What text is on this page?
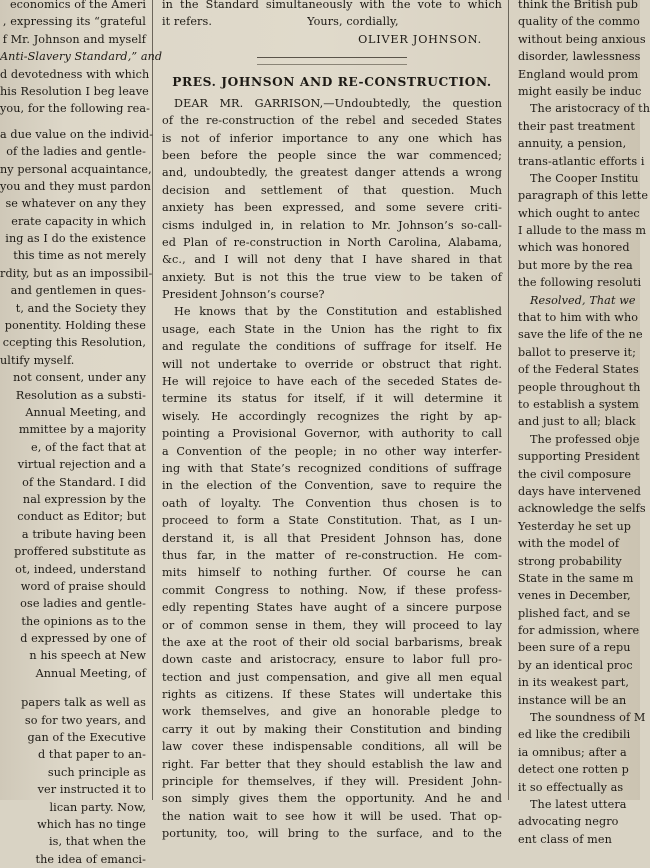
economics of the Ameri
, expressing its “grateful
f Mr. Johnson and myself
Anti-Slavery Standard,” and
d devotedness with which
his Resolution I beg leave
you, for the following rea-
a due value on the individ-
of the ladies and gentle-
ny personal acquaintance,
you and they must pardon
se whatever on any they
erate capacity in which
ing as I do the existence
this time as not merely
rdity, but as an impossibil-
and gentlemen in ques-
t, and the Society they
ponentity. Holding these
ccepting this Resolution,
ultify myself.
not consent, under any
Resolution as a substi-
Annual Meeting, and
mmittee by a majority
e, of the fact that at
virtual rejection and a
of the Standard. I did
nal expression by the
conduct as Editor; but
a tribute having been
proffered substitute as
ot, indeed, understand
word of praise should
ose ladies and gentle-
the opinions as to the
d expressed by one of
n his speech at New
Annual Meeting, of
papers talk as well as
so for two years, and
gan of the Executive
d that paper to an-
such principle as
ver instructed it to
lican party. Now,
which has no tinge
is, that when the
the idea of emanci-
in the Standard simultaneously with the vote to which
it refers.                          Yours, cordially,
OLIVER JOHNSON.
PRES. JOHNSON AND RE-CONSTRUCTION.
DEAR MR. GARRISON,—Undoubtedly, the question
of the re-construction of the rebel and seceded States
is not of inferior importance to any one which has
been before the people since the war commenced;
and, undoubtedly, the greatest danger attends a wrong
decision and settlement of that question. Much
anxiety has been expressed, and some severe criti-
cisms indulged in, in relation to Mr. Johnson’s so-call-
ed Plan of re-construction in North Carolina, Alabama,
&c., and I will not deny that I have shared in that
anxiety. But is not this the true view to be taken of
President Johnson’s course?
He knows that by the Constitution and established
usage, each State in the Union has the right to fix
and regulate the conditions of suffrage for itself. He
will not undertake to override or obstruct that right.
He will rejoice to have each of the seceded States de-
termine its status for itself, if it will determine it
wisely. He accordingly recognizes the right by ap-
pointing a Provisional Governor, with authority to call
a Convention of the people; in no other way interfer-
ing with that State’s recognized conditions of suffrage
in the election of the Convention, save to require the
oath of loyalty. The Convention thus chosen is to
proceed to form a State Constitution. That, as I un-
derstand it, is all that President Johnson has, done
thus far, in the matter of re-construction. He com-
mits himself to nothing further. Of course he can
commit Congress to nothing. Now, if these profess-
edly repenting States have aught of a sincere purpose
or of common sense in them, they will proceed to lay
the axe at the root of their old social barbarisms, break
down caste and aristocracy, ensure to labor full pro-
tection and just compensation, and give all men equal
rights as citizens. If these States will undertake this
work themselves, and give an honorable pledge to
carry it out by making their Constitution and binding
law cover these indispensable conditions, all will be
right. Far better that they should establish the law and
principle for themselves, if they will. President John-
son simply gives them the opportunity. And he and
the nation wait to see how it will be used. That op-
portunity, too, will bring to the surface, and to the
think the British pub
quality of the commo
without being anxious
disorder, lawlessness
England would prom
might easily be induc
The aristocracy of th
their past treatment
annuity, a pension,
trans-atlantic efforts i
The Cooper Institu
paragraph of this lette
which ought to antec
I allude to the mass m
which was honored
but more by the rea
the following resoluti
Resolved, That we
that to him with who
save the life of the ne
ballot to preserve it;
of the Federal States
people throughout th
to establish a system
and just to all; black
The professed obje
supporting President
the civil composure
days have intervened
acknowledge the selfs
Yesterday he set up
with the model of
strong probability
State in the same m
venes in December,
plished fact, and se
for admission, where
been sure of a repu
by an identical proc
in its weakest part,
instance will be an
The soundness of M
ed like the credibili
ia omnibus; after a
detect one rotten p
it so effectually as
The latest uttera
advocating negro
ent class of men
